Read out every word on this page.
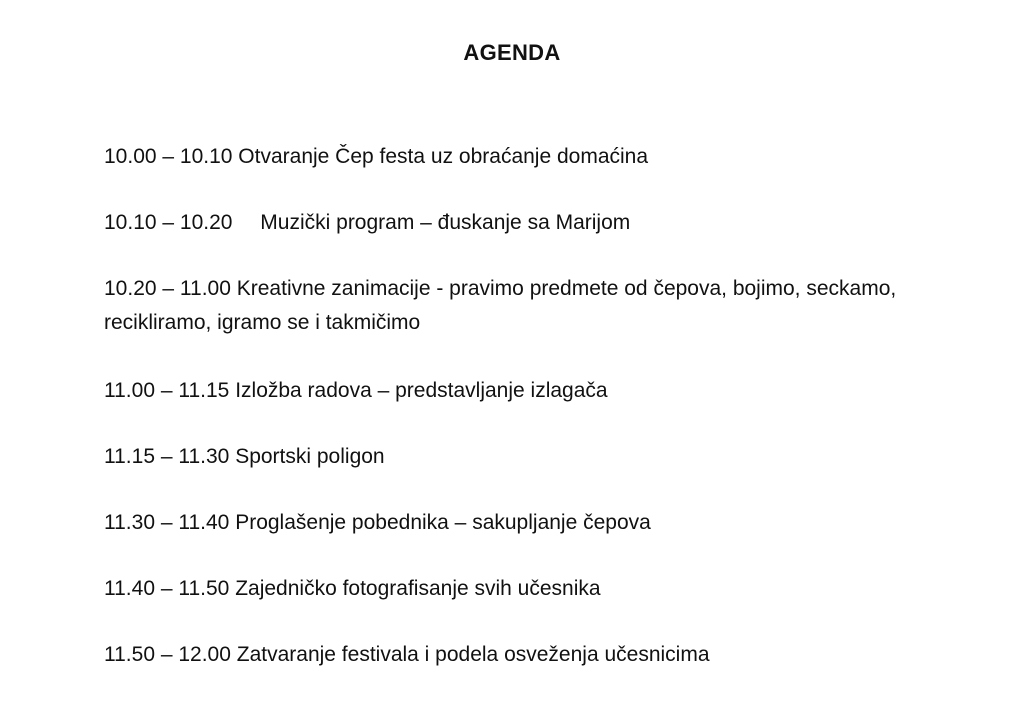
AGENDA

10.00 – 10.10 Otvaranje Čep festa uz obraćanje domaćina

10.10 – 10.20 Muzički program – đuskanje sa Marijom

10.20 – 11.00 Kreativne zanimacije - pravimo predmete od čepova, bojimo, seckamo, recikliramo, igramo se i takmičimo

11.00 – 11.15 Izložba radova – predstavljanje izlagača

11.15 – 11.30 Sportski poligon

11.30 – 11.40 Proglašenje pobednika – sakupljanje čepova

11.40 – 11.50 Zajedničko fotografisanje svih učesnika

11.50 – 12.00 Zatvaranje festivala i podela osveženja učesnicima
